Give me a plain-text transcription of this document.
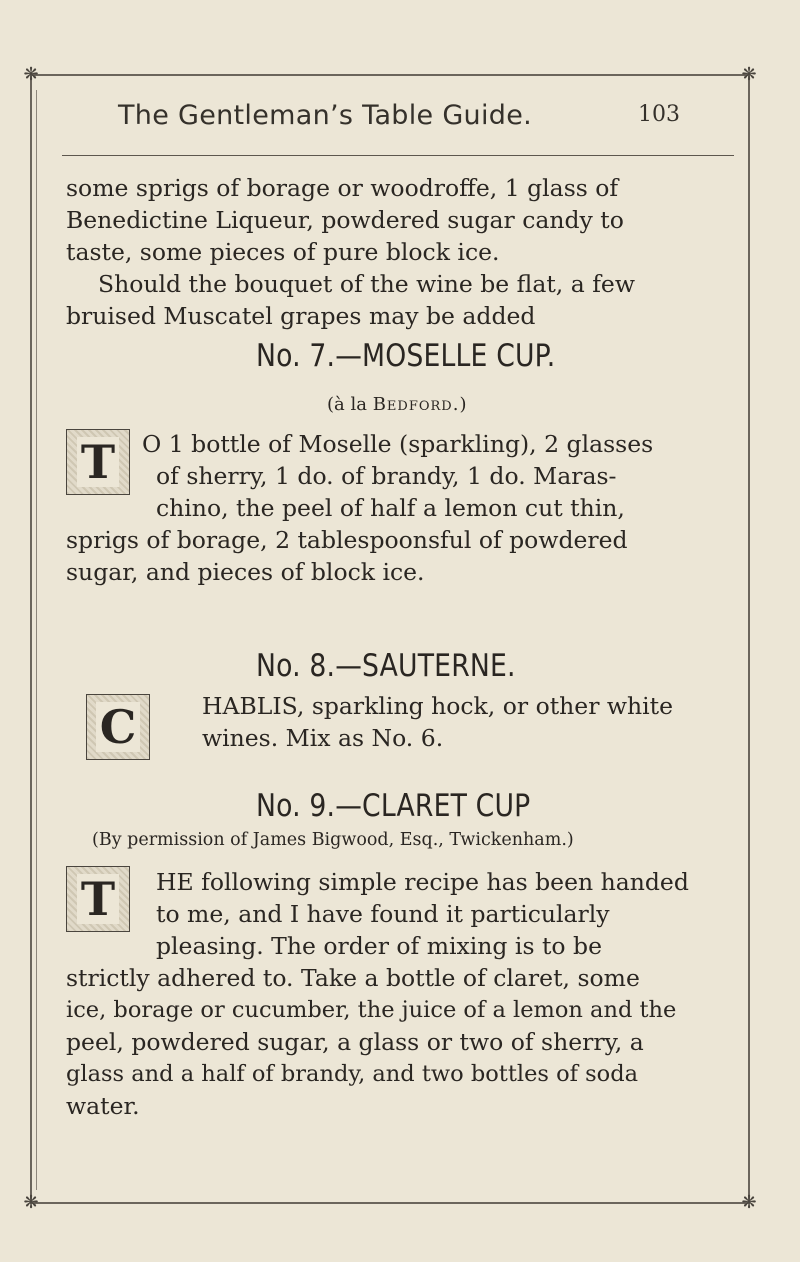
❋	❋
❋	❋
The Gentleman’s Table Guide.	103
some sprigs of borage or woodroffe, 1 glass of
Benedictine Liqueur, powdered sugar candy to
taste, some pieces of pure block ice.
Should the bouquet of the wine be flat, a few
bruised Muscatel grapes may be added
No. 7.—MOSELLE CUP.
(à la Bedford.)
T	O 1 bottle of Moselle (sparkling), 2 glasses
of sherry, 1 do. of brandy, 1 do. Maras-
chino, the peel of half a lemon cut thin,
sprigs of borage, 2 tablespoonsful of powdered
sugar, and pieces of block ice.
No. 8.—SAUTERNE.
C	HABLIS, sparkling hock, or other white
wines. Mix as No. 6.
No. 9.—CLARET CUP
(By permission of James Bigwood, Esq., Twickenham.)
T	HE following simple recipe has been handed
to me, and I have found it particularly
pleasing. The order of mixing is to be
strictly adhered to. Take a bottle of claret, some
ice, borage or cucumber, the juice of a lemon and the
peel, powdered sugar, a glass or two of sherry, a
glass and a half of brandy, and two bottles of soda
water.
